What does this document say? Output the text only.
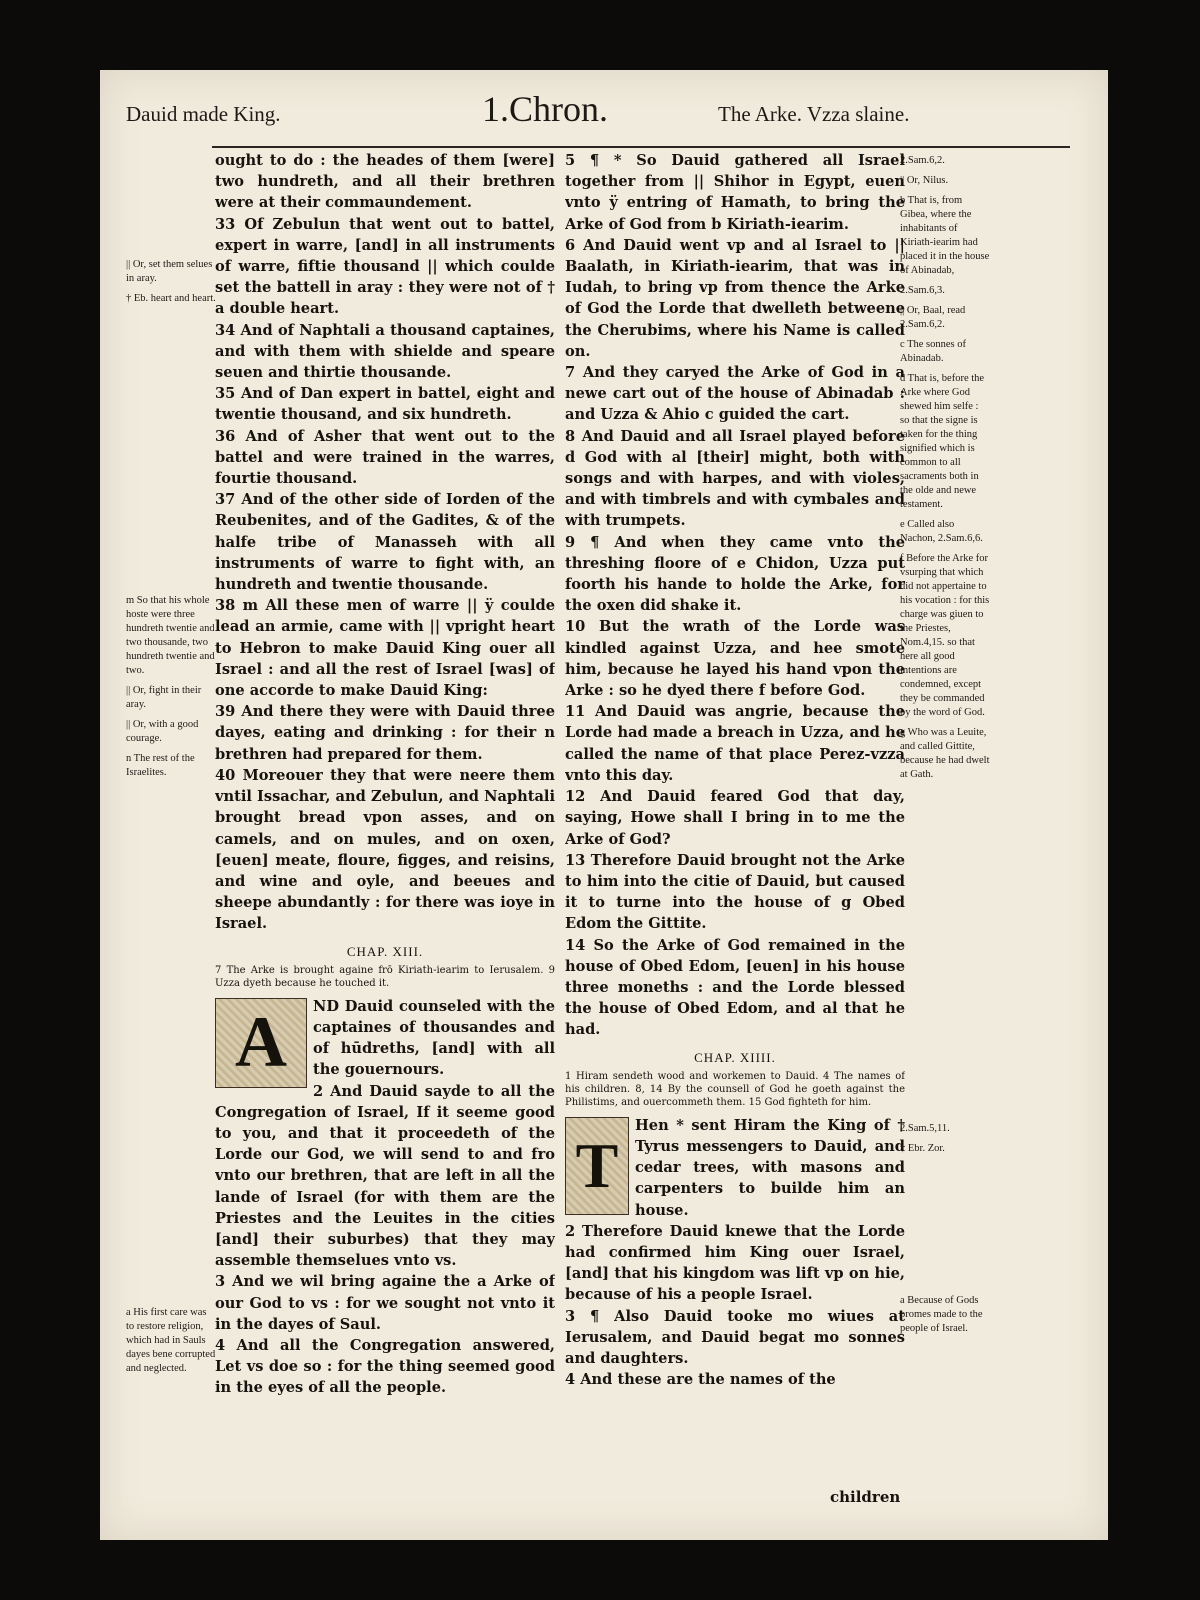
Dauid made King.	1.Chron.	The Arke. Vzza slaine.

|| Or, set them selues in aray.

† Eb. heart and heart.

m So that his whole hoste were three hundreth twentie and two thousande, two hundreth twentie and two.

|| Or, fight in their aray.

|| Or, with a good courage.

n The rest of the Israelites.

a His first care was to restore religion, which had in Sauls dayes bene corrupted and neglected.

ought to do : the heades of them [were] two hundreth, and all their brethren were at their commaundement.

33 Of Zebulun that went out to battel, expert in warre, [and] in all instruments of warre, fiftie thousand || which coulde set the battell in aray : they were not of † a double heart.

34 And of Naphtali a thousand captaines, and with them with shielde and speare seuen and thirtie thousande.

35 And of Dan expert in battel, eight and twentie thousand, and six hundreth.

36 And of Asher that went out to the battel and were trained in the warres, fourtie thousand.

37 And of the other side of Iorden of the Reubenites, and of the Gadites, & of the halfe tribe of Manasseh with all instruments of warre to fight with, an hundreth and twentie thousande.

38 m All these men of warre || ÿ coulde lead an armie, came with || vpright heart to Hebron to make Dauid King ouer all Israel : and all the rest of Israel [was] of one accorde to make Dauid King:

39 And there they were with Dauid three dayes, eating and drinking : for their n brethren had prepared for them.

40 Moreouer they that were neere them vntil Issachar, and Zebulun, and Naphtali brought bread vpon asses, and on camels, and on mules, and on oxen, [euen] meate, floure, figges, and reisins, and wine and oyle, and beeues and sheepe abundantly : for there was ioye in Israel.

CHAP. XIII.

7 The Arke is brought againe frō Kiriath-iearim to Ierusalem. 9 Uzza dyeth because he touched it.

A	ND Dauid counseled with the captaines of thousandes and of hūdreths, [and] with all the gouernours.

2 And Dauid sayde to all the Congregation of Israel, If it seeme good to you, and that it proceedeth of the Lorde our God, we will send to and fro vnto our brethren, that are left in all the lande of Israel (for with them are the Priestes and the Leuites in the cities [and] their suburbes) that they may assemble themselues vnto vs.

3 And we wil bring againe the a Arke of our God to vs : for we sought not vnto it in the dayes of Saul.

4 And all the Congregation answered, Let vs doe so : for the thing seemed good in the eyes of all the people.

5 ¶ * So Dauid gathered all Israel together from || Shihor in Egypt, euen vnto ÿ entring of Hamath, to bring the Arke of God from b Kiriath-iearim.

6 And Dauid went vp and al Israel to || Baalath, in Kiriath-iearim, that was in Iudah, to bring vp from thence the Arke of God the Lorde that dwelleth betweene the Cherubims, where his Name is called on.

7 And they caryed the Arke of God in a newe cart out of the house of Abinadab : and Uzza & Ahio c guided the cart.

8 And Dauid and all Israel played before d God with al [their] might, both with songs and with harpes, and with violes, and with timbrels and with cymbales and with trumpets.

9 ¶ And when they came vnto the threshing floore of e Chidon, Uzza put foorth his hande to holde the Arke, for the oxen did shake it.

10 But the wrath of the Lorde was kindled against Uzza, and hee smote him, because he layed his hand vpon the Arke : so he dyed there f before God.

11 And Dauid was angrie, because the Lorde had made a breach in Uzza, and he called the name of that place Perez-vzza vnto this day.

12 And Dauid feared God that day, saying, Howe shall I bring in to me the Arke of God?

13 Therefore Dauid brought not the Arke to him into the citie of Dauid, but caused it to turne into the house of g Obed Edom the Gittite.

14 So the Arke of God remained in the house of Obed Edom, [euen] in his house three moneths : and the Lorde blessed the house of Obed Edom, and al that he had.

CHAP. XIIII.

1 Hiram sendeth wood and workemen to Dauid. 4 The names of his children. 8, 14 By the counsell of God he goeth against the Philistims, and ouercommeth them. 15 God fighteth for him.

T

Hen * sent Hiram the King of † Tyrus messengers to Dauid, and cedar trees, with masons and carpenters to builde him an house.

2 Therefore Dauid knewe that the Lorde had confirmed him King ouer Israel, [and] that his kingdom was lift vp on hie, because of his a people Israel.

3 ¶ Also Dauid tooke mo wiues at Ierusalem, and Dauid begat mo sonnes and daughters.

4 And these are the names of the

children

2.Sam.6,2.

|| Or, Nilus.

b That is, from Gibea, where the inhabitants of Kiriath-iearim had placed it in the house of Abinadab,

2.Sam.6,3.

|| Or, Baal, read 2.Sam.6,2.

c The sonnes of Abinadab.

d That is, before the Arke where God shewed him selfe : so that the signe is taken for the thing signified which is common to all sacraments both in the olde and newe testament.

e Called also Nachon, 2.Sam.6,6.

f Before the Arke for vsurping that which did not appertaine to his vocation : for this charge was giuen to the Priestes, Nom.4,15. so that here all good intentions are condemned, except they be commanded by the word of God.

g Who was a Leuite, and called Gittite, because he had dwelt at Gath.

2.Sam.5,11.

† Ebr. Zor.

a Because of Gods promes made to the people of Israel.
